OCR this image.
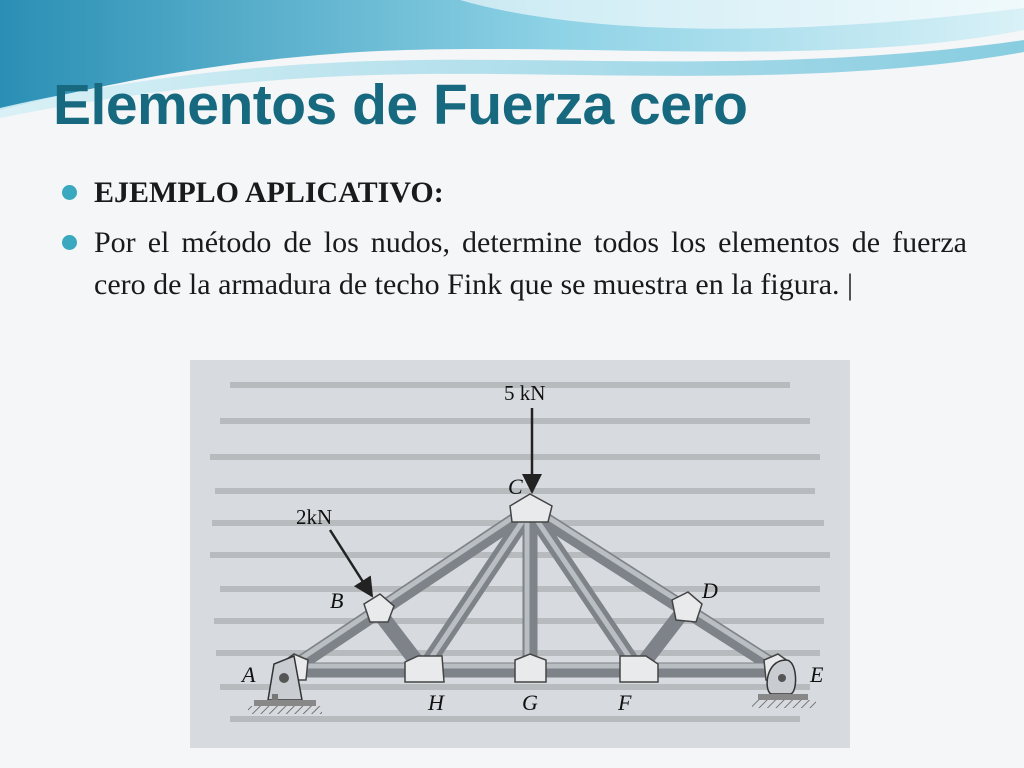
Elementos de Fuerza cero
EJEMPLO APLICATIVO:
Por el método de los nudos, determine todos los elementos de fuerza cero de la armadura de techo Fink que se muestra en la figura. |
5 kN
2kN
C
B	D
A	E
H	G	F
